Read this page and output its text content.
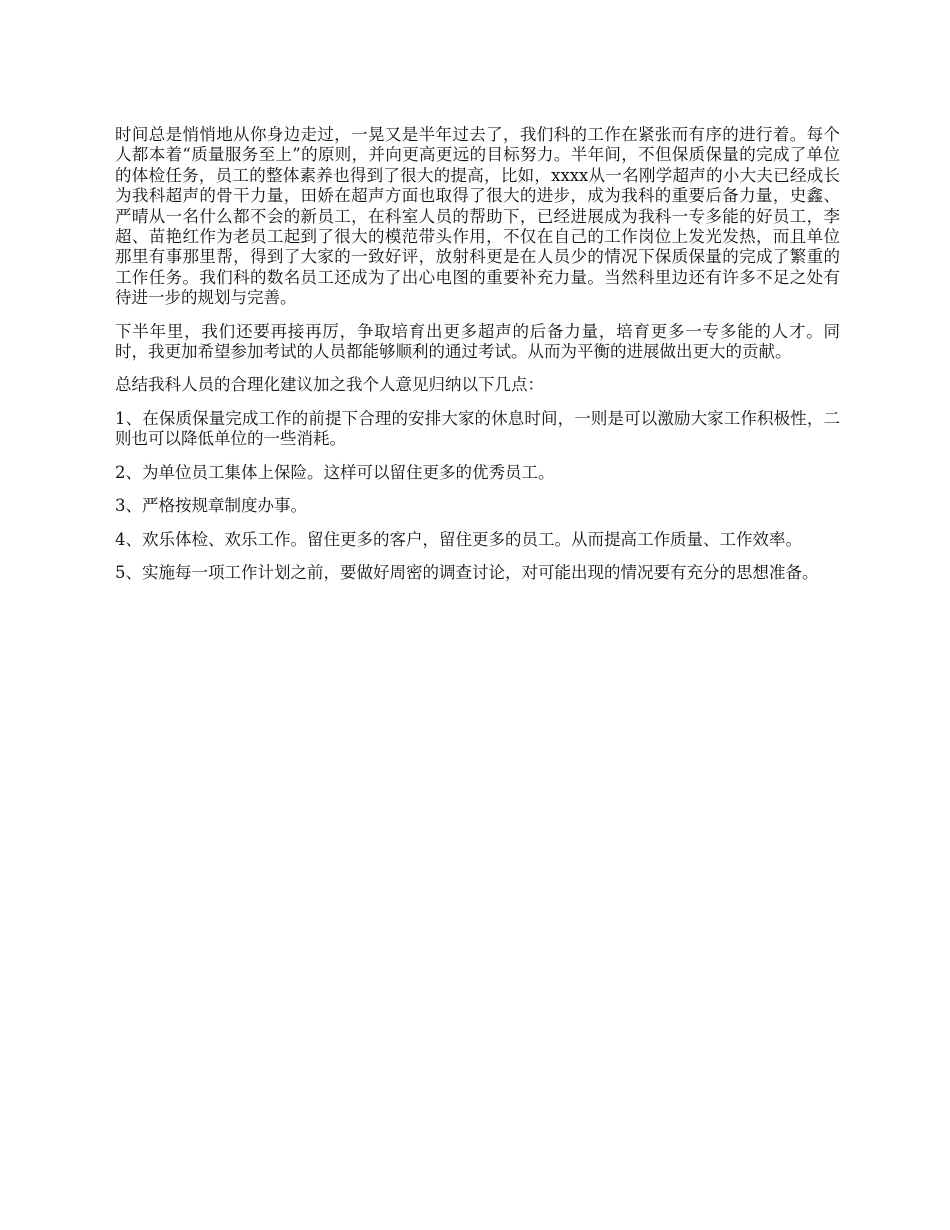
时间总是悄悄地从你身边走过，一晃又是半年过去了，我们科的工作在紧张而有序的进行着。每个人都本着“质量服务至上”的原则，并向更高更远的目标努力。半年间，不但保质保量的完成了单位的体检任务，员工的整体素养也得到了很大的提高，比如，xxxx从一名刚学超声的小大夫已经成长为我科超声的骨干力量，田娇在超声方面也取得了很大的进步，成为我科的重要后备力量，史鑫、严晴从一名什么都不会的新员工，在科室人员的帮助下，已经进展成为我科一专多能的好员工，李超、苗艳红作为老员工起到了很大的模范带头作用，不仅在自己的工作岗位上发光发热，而且单位那里有事那里帮，得到了大家的一致好评，放射科更是在人员少的情况下保质保量的完成了繁重的工作任务。我们科的数名员工还成为了出心电图的重要补充力量。当然科里边还有许多不足之处有待进一步的规划与完善。

下半年里，我们还要再接再厉，争取培育出更多超声的后备力量，培育更多一专多能的人才。同时，我更加希望参加考试的人员都能够顺利的通过考试。从而为平衡的进展做出更大的贡献。

总结我科人员的合理化建议加之我个人意见归纳以下几点：

1、在保质保量完成工作的前提下合理的安排大家的休息时间，一则是可以激励大家工作积极性，二则也可以降低单位的一些消耗。

2、为单位员工集体上保险。这样可以留住更多的优秀员工。

3、严格按规章制度办事。

4、欢乐体检、欢乐工作。留住更多的客户，留住更多的员工。从而提高工作质量、工作效率。

5、实施每一项工作计划之前，要做好周密的调查讨论，对可能出现的情况要有充分的思想准备。
